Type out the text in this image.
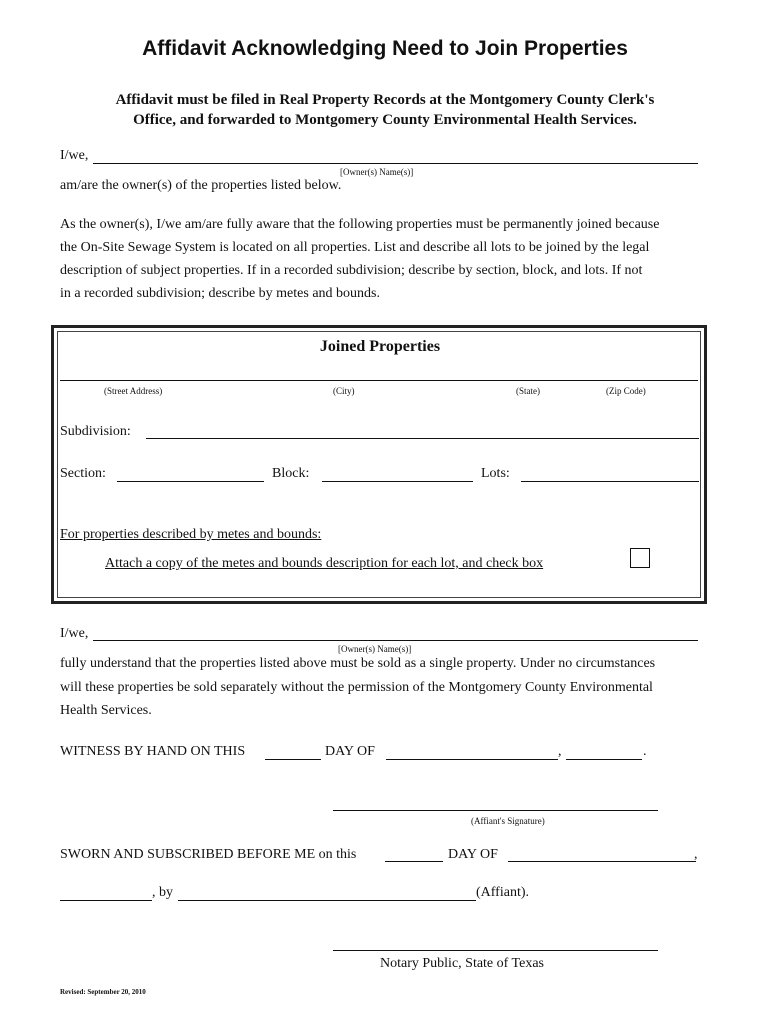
Affidavit Acknowledging Need to Join Properties
Affidavit must be filed in Real Property Records at the Montgomery County Clerk's
Office, and forwarded to Montgomery County Environmental Health Services.
I/we,
[Owner(s) Name(s)]
am/are the owner(s) of the properties listed below.
As the owner(s), I/we am/are fully aware that the following properties must be permanently joined because
the On-Site Sewage System is located on all properties. List and describe all lots to be joined by the legal
description of subject properties. If in a recorded subdivision; describe by section, block, and lots. If not
in a recorded subdivision; describe by metes and bounds.
Joined Properties
(Street Address)	(City)	(State)	(Zip Code)
Subdivision:
Section:	Block:	Lots:
For properties described by metes and bounds:
Attach a copy of the metes and bounds description for each lot, and check box
I/we,
[Owner(s) Name(s)]
fully understand that the properties listed above must be sold as a single property. Under no circumstances
will these properties be sold separately without the permission of the Montgomery County Environmental
Health Services.
WITNESS BY HAND ON THIS	DAY OF	,	.
(Affiant's Signature)
SWORN AND SUBSCRIBED BEFORE ME on this	DAY OF	,
, by	(Affiant).
Notary Public, State of Texas
Revised: September 20, 2010
